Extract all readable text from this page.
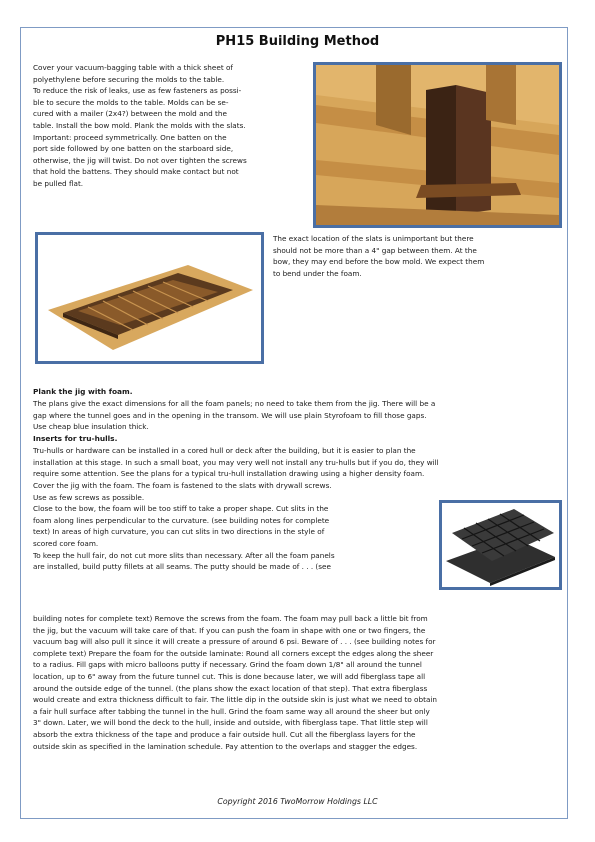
PH15 Building Method
Cover your vacuum-bagging table with a thick sheet of
polyethylene before securing the molds to the table.
To reduce the risk of leaks, use as few fasteners as possi-
ble to secure the molds to the table. Molds can be se-
cured with a mailer (2x4?) between the mold and the
table. Install the bow mold. Plank the molds with the slats.
Important: proceed symmetrically. One batten on the
port side followed by one batten on the starboard side,
otherwise, the jig will twist. Do not over tighten the screws
that hold the battens. They should make contact but not
be pulled flat.
The exact location of the slats is unimportant but there
should not be more than a 4" gap between them. At the
bow, they may end before the bow mold. We expect them
to bend under the foam.
Plank the jig with foam.
The plans give the exact dimensions for all the foam panels; no need to take them from the jig. There will be a
gap where the tunnel goes and in the opening in the transom. We will use plain Styrofoam to fill those gaps.
Use cheap blue insulation thick.
Inserts for tru-hulls.
Tru-hulls or hardware can be installed in a cored hull or deck after the building, but it is easier to plan the
installation at this stage. In such a small boat, you may very well not install any tru-hulls but if you do, they will
require some attention. See the plans for a typical tru-hull installation drawing using a higher density foam.
Cover the jig with the foam. The foam is fastened to the slats with drywall screws.
Use as few screws as possible.
Close to the bow, the foam will be too stiff to take a proper shape. Cut slits in the
foam along lines perpendicular to the curvature. (see building notes for complete
text) In areas of high curvature, you can cut slits in two directions in the style of
scored core foam.
To keep the hull fair, do not cut more slits than necessary. After all the foam panels
are installed, build putty fillets at all seams. The putty should be made of . . . (see
building notes for complete text) Remove the screws from the foam. The foam may pull back a little bit from
the jig, but the vacuum will take care of that. If you can push the foam in shape with one or two fingers, the
vacuum bag will also pull it since it will create a pressure of around 6 psi. Beware of . . . (see building notes for
complete text) Prepare the foam for the outside laminate: Round all corners except the edges along the sheer
to a radius. Fill gaps with micro balloons putty if necessary. Grind the foam down 1/8" all around the tunnel
location, up to 6" away from the future tunnel cut. This is done because later, we will add fiberglass tape all
around the outside edge of the tunnel. (the plans show the exact location of that step). That extra fiberglass
would create and extra thickness difficult to fair. The little dip in the outside skin is just what we need to obtain
a fair hull surface after tabbing the tunnel in the hull. Grind the foam same way all around the sheer but only
3" down. Later, we will bond the deck to the hull, inside and outside, with fiberglass tape. That little step will
absorb the extra thickness of the tape and produce a fair outside hull. Cut all the fiberglass layers for the
outside skin as specified in the lamination schedule. Pay attention to the overlaps and stagger the edges.
Copyright 2016 TwoMorrow Holdings LLC
